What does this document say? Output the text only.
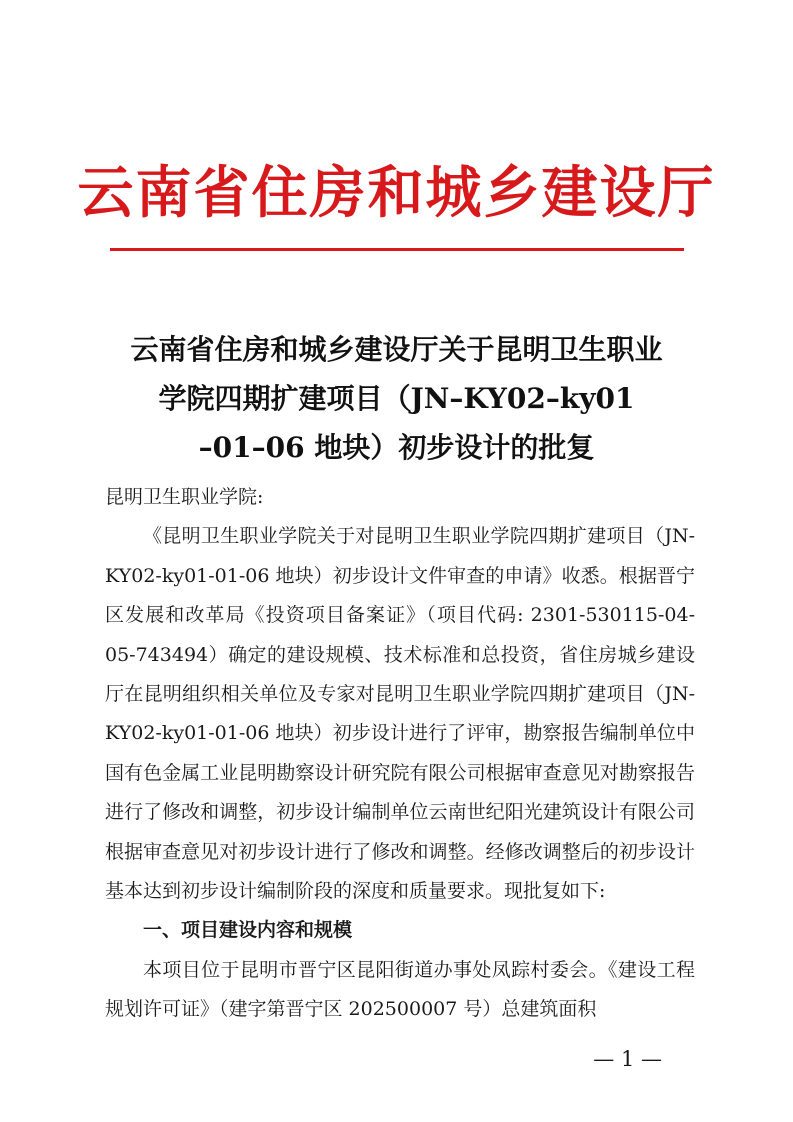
云南省住房和城乡建设厅
云南省住房和城乡建设厅关于昆明卫生职业
学院四期扩建项目（JN–KY02–ky01
–01–06 地块）初步设计的批复

昆明卫生职业学院:

《昆明卫生职业学院关于对昆明卫生职业学院四期扩建项目（JN-KY02-ky01-01-06 地块）初步设计文件审查的申请》收悉。根据晋宁区发展和改革局《投资项目备案证》（项目代码: 2301-530115-04-05-743494）确定的建设规模、技术标准和总投资，省住房城乡建设厅在昆明组织相关单位及专家对昆明卫生职业学院四期扩建项目（JN-KY02-ky01-01-06 地块）初步设计进行了评审，勘察报告编制单位中国有色金属工业昆明勘察设计研究院有限公司根据审查意见对勘察报告进行了修改和调整，初步设计编制单位云南世纪阳光建筑设计有限公司根据审查意见对初步设计进行了修改和调整。经修改调整后的初步设计基本达到初步设计编制阶段的深度和质量要求。现批复如下:

一、项目建设内容和规模

本项目位于昆明市晋宁区昆阳街道办事处凤踪村委会。《建设工程规划许可证》（建字第晋宁区 202500007 号）总建筑面积

— 1 —
